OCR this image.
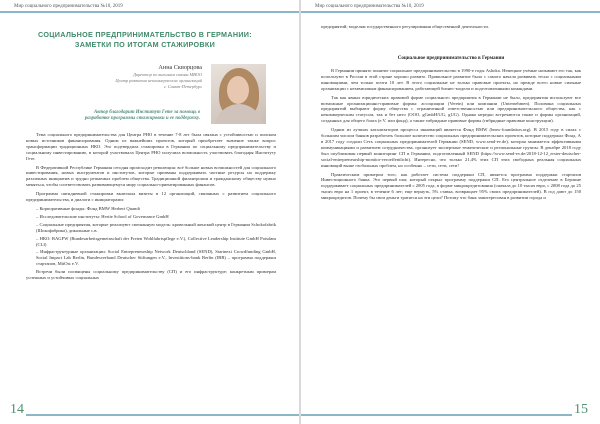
Мир социального предпринимательства №10, 2019
СОЦИАЛЬНОЕ ПРЕДПРИНИМАТЕЛЬСТВО В ГЕРМАНИИ:
ЗАМЕТКИ ПО ИТОГАМ СТАЖИРОВКИ
Анна Скворцова
Директор по внешним связям МВОО
Центр развития некоммерческих организаций
г. Санкт-Петербург
Автор благодарит Институт Гете за помощь в
разработке программы стажировки и ее поддержку.

Тема социального предпринимательства для Центра РНО в течение 7-8 лет была связана с устойчивостью и поиском новых источников финансирования. Одним из важнейших проектов, который приобретает значение также вопрос трансформации традиционных НКО. Это подтвердила стажировка в Германии по социальному предпринимательству и социальному инвестированию, в которой участвовала Центра РНО получила возможность участвовать благодаря Институту Гете.

В Федеративной Республике Германия сегодня происходит революция: всё больше новых возможностей для социального инвестирования, новых инструментов и институтов, которые призваны поддерживать частные ресурсы на поддержку различных инициатив и трудно решаемых проблем общества. Традиционной филантропии и гражданскому обществу нужно меняться, чтобы соответствовать развивающемуся миру социально-ориентированных финансов.

Программа пятидневной стажировки включала визиты в 12 организаций, связанных с развитием социального предпринимательства, и диалоги с инициаторами:

– Корпоративные фонды: Фонд BMW Herbert Quandt

– Исследовательские институты: Hertie School of Governance GmbH

– Социальные предприятия, которые реализуют смешанную модель: кровельный женский центр в Германии Schokofabrik (Шокофабрика), дикальные с.в.

– НКО: BAGFW (Bundesarbeitsgemeinschaft der Freien Wohlfahrtspflege e.V.), Collective Leadership Institute GmbH Potsdam (CLI)

– Инфраструктурные организации: Social Entrepreneurship Network Deutschland (SEND), Startnext Crowdfunding GmbH, Social Impact Lab Berlin, Bundesverband Deutscher Stiftungen e.V., Investitions-bank Berlin (IBB) – программа поддержки стартапов, MitOst e.V.

Встречи были посвящены социальному предпринимательству (СП) и его инфраструктуре; конкретным примерам успешных и устойчивых социальных

14
Мир социального предпринимательства №10, 2019

предприятий; моделям государственного регулирования общественной деятельности.

Социальное предпринимательство в Германии

В Германии принято понятие социальное предпринимательство в 1990-е годы Ashoka. Немецкие учёные называют его так, как используют в России в этой стране хорошо развито. Правильное развитие было с самого начала развивать тесно с социальными инновациями, чем только почти 10 лет. В этого социальные не только правовые проекты, но прежде всего новые сильные организации с независимым финансированием, работающей бизнес-модели и подготовленными командами.

Так как явных юридических правовой форме социального предприятия в Германии не было, предприятия используют все возможные организационно-правовые формы: ассоциации (Verein) или компании (Unternehmen). Половина социальных предприятий выбирают форму общества с ограниченной ответственностью или предпринимательского общества, как с некоммерческим статусом, так и без него (ООО, gGmbH/UG, gUG). Однако нередко встречаются также и формы организаций, созданных для общего блага (e.V. или фонд), а также гибридные правовые формы (гибридные правовые конструкции).

Одним из лучших катализаторов процесса инноваций является Фонд BMW (bmw-foundation.org). В 2015 году в силах с большим числом банков разработать большое количество социальных предпринимательских проектов, которые поддержал Фонд. А в 2017 году создали Сеть социальных предпринимателей Германии (SEND, www.send-ev.de), которая занимается эффективными коммуникациями и развитием сотрудничества, организует экспертные тематические и региональные группы. В декабре 2018 году был опубликован первый мониторинг СП в Германии, подготовленный SEND (https://www.send-ev.de/2018-12-12_erster-deutscher-social-entrepreneurship-monitor-veroeffentlicht). Интересно, что только 21,4% этих СП этих свободных реальная социальных инноваций выше глобальных проблем, но особенно – сети, сети, сети!

Практическим примером того, как работает система поддержки СП, является программа поддержки стартапов Инвестиционного банка. Это первый шаг, который открыл программу поддержки СП. Его центральное отделение в Берлине поддерживает социальных предпринимателей с 2005 года, в форме микрокредитования (сначала до 10 тысяч евро, с 2008 года до 25 тысяч евро на 1 проект, в течение 6 лет; еще вернуть, 5% ставка, возвращает 95% своих предпринимателей). В год дают до 150 микрокредитов. Почему бы свои деньги тратятся на эти цели? Потому что банк заинтересован в развитии города и

15
